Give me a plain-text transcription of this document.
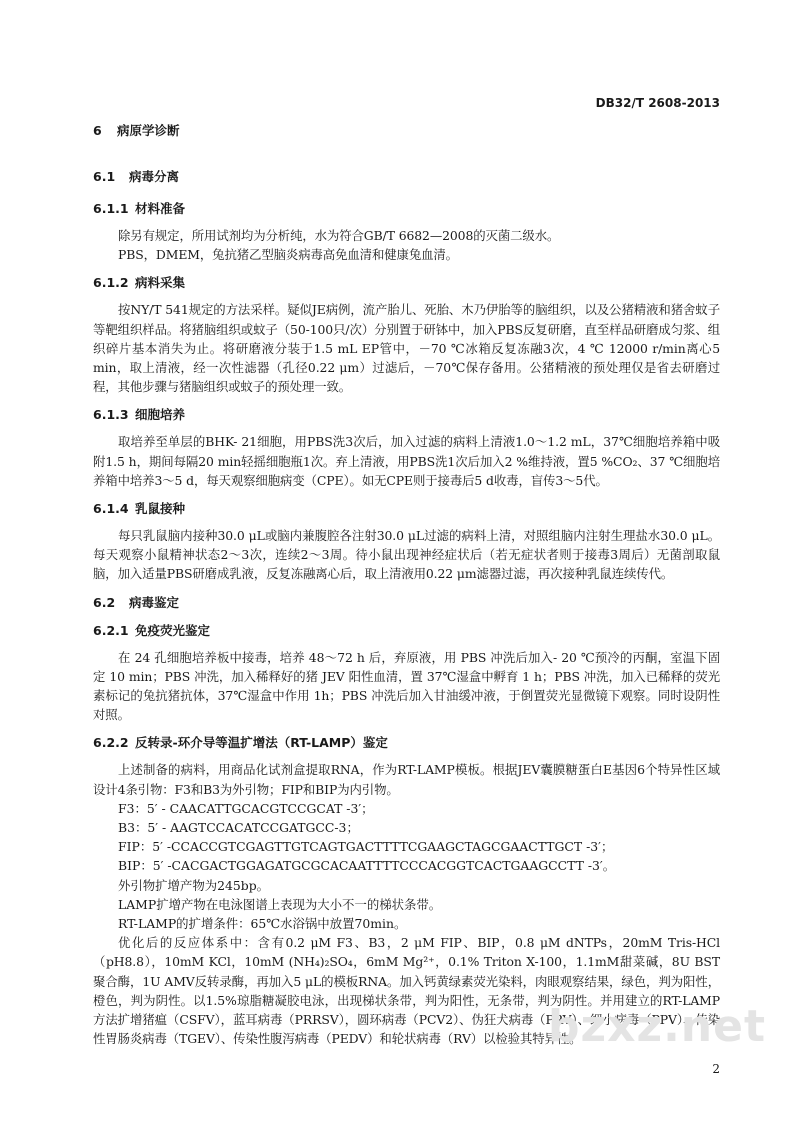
DB32/T 2608-2013
6 病原学诊断
6.1 病毒分离
6.1.1 材料准备

除另有规定，所用试剂均为分析纯，水为符合GB/T 6682—2008的灭菌二级水。

PBS，DMEM，兔抗猪乙型脑炎病毒高免血清和健康兔血清。

6.1.2 病料采集

按NY/T 541规定的方法采样。疑似JE病例，流产胎儿、死胎、木乃伊胎等的脑组织，以及公猪精液和猪舍蚊子等靶组织样品。将猪脑组织或蚊子（50-100只/次）分别置于研钵中，加入PBS反复研磨，直至样品研磨成匀浆、组织碎片基本消失为止。将研磨液分装于1.5 mL EP管中，－70 ℃冰箱反复冻融3次，4 ℃ 12000 r/min离心5 min，取上清液，经一次性滤器（孔径0.22 μm）过滤后，－70℃保存备用。公猪精液的预处理仅是省去研磨过程，其他步骤与猪脑组织或蚊子的预处理一致。

6.1.3 细胞培养

取培养至单层的BHK- 21细胞，用PBS洗3次后，加入过滤的病料上清液1.0～1.2 mL，37℃细胞培养箱中吸附1.5 h，期间每隔20 min轻摇细胞瓶1次。弃上清液，用PBS洗1次后加入2 %维持液，置5 %CO₂、37 ℃细胞培养箱中培养3～5 d，每天观察细胞病变（CPE）。如无CPE则于接毒后5 d收毒，盲传3～5代。

6.1.4 乳鼠接种

每只乳鼠脑内接种30.0 μL或脑内兼腹腔各注射30.0 μL过滤的病料上清，对照组脑内注射生理盐水30.0 μL。每天观察小鼠精神状态2～3次，连续2～3周。待小鼠出现神经症状后（若无症状者则于接毒3周后）无菌剖取鼠脑，加入适量PBS研磨成乳液，反复冻融离心后，取上清液用0.22 μm滤器过滤，再次接种乳鼠连续传代。

6.2 病毒鉴定
6.2.1 免疫荧光鉴定

在 24 孔细胞培养板中接毒，培养 48～72 h 后，弃原液，用 PBS 冲洗后加入- 20 ℃预冷的丙酮，室温下固定 10 min；PBS 冲洗，加入稀释好的猪 JEV 阳性血清，置 37℃湿盒中孵育 1 h；PBS 冲洗，加入已稀释的荧光素标记的兔抗猪抗体，37℃湿盒中作用 1h；PBS 冲洗后加入甘油缓冲液，于倒置荧光显微镜下观察。同时设阴性对照。

6.2.2 反转录-环介导等温扩增法（RT-LAMP）鉴定

上述制备的病料，用商品化试剂盒提取RNA，作为RT-LAMP模板。根据JEV囊膜糖蛋白E基因6个特异性区域设计4条引物：F3和B3为外引物；FIP和BIP为内引物。

F3：5′ - CAACATTGCACGTCCGCAT -3′；

B3：5′ - AAGTCCACATCCGATGCC-3；

FIP：5′ -CCACCGTCGAGTTGTCAGTGACTTTTCGAAGCTAGCGAACTTGCT -3′；

BIP：5′ -CACGACTGGAGATGCGCACAATTTTCCCACGGTCACTGAAGCCTT -3′。

外引物扩增产物为245bp。

LAMP扩增产物在电泳图谱上表现为大小不一的梯状条带。

RT-LAMP的扩增条件：65℃水浴锅中放置70min。

优化后的反应体系中：含有0.2 μM F3、B3，2 μM FIP、BIP，0.8 μM dNTPs，20mM Tris-HCl（pH8.8），10mM KCl，10mM (NH₄)₂SO₄，6mM Mg²⁺，0.1% Triton X-100，1.1mM甜菜碱，8U BST 聚合酶，1U AMV反转录酶，再加入5 μL的模板RNA。加入钙黄绿素荧光染料，肉眼观察结果，绿色，判为阳性，橙色，判为阴性。以1.5%琼脂糖凝胶电泳，出现梯状条带，判为阳性，无条带，判为阴性。并用建立的RT-LAMP方法扩增猪瘟（CSFV），蓝耳病毒（PRRSV），圆环病毒（PCV2）、伪狂犬病毒（PRV）、细小病毒（PPV）、传染性胃肠炎病毒（TGEV）、传染性腹泻病毒（PEDV）和轮状病毒（RV）以检验其特异性。

bzxz.net
2
